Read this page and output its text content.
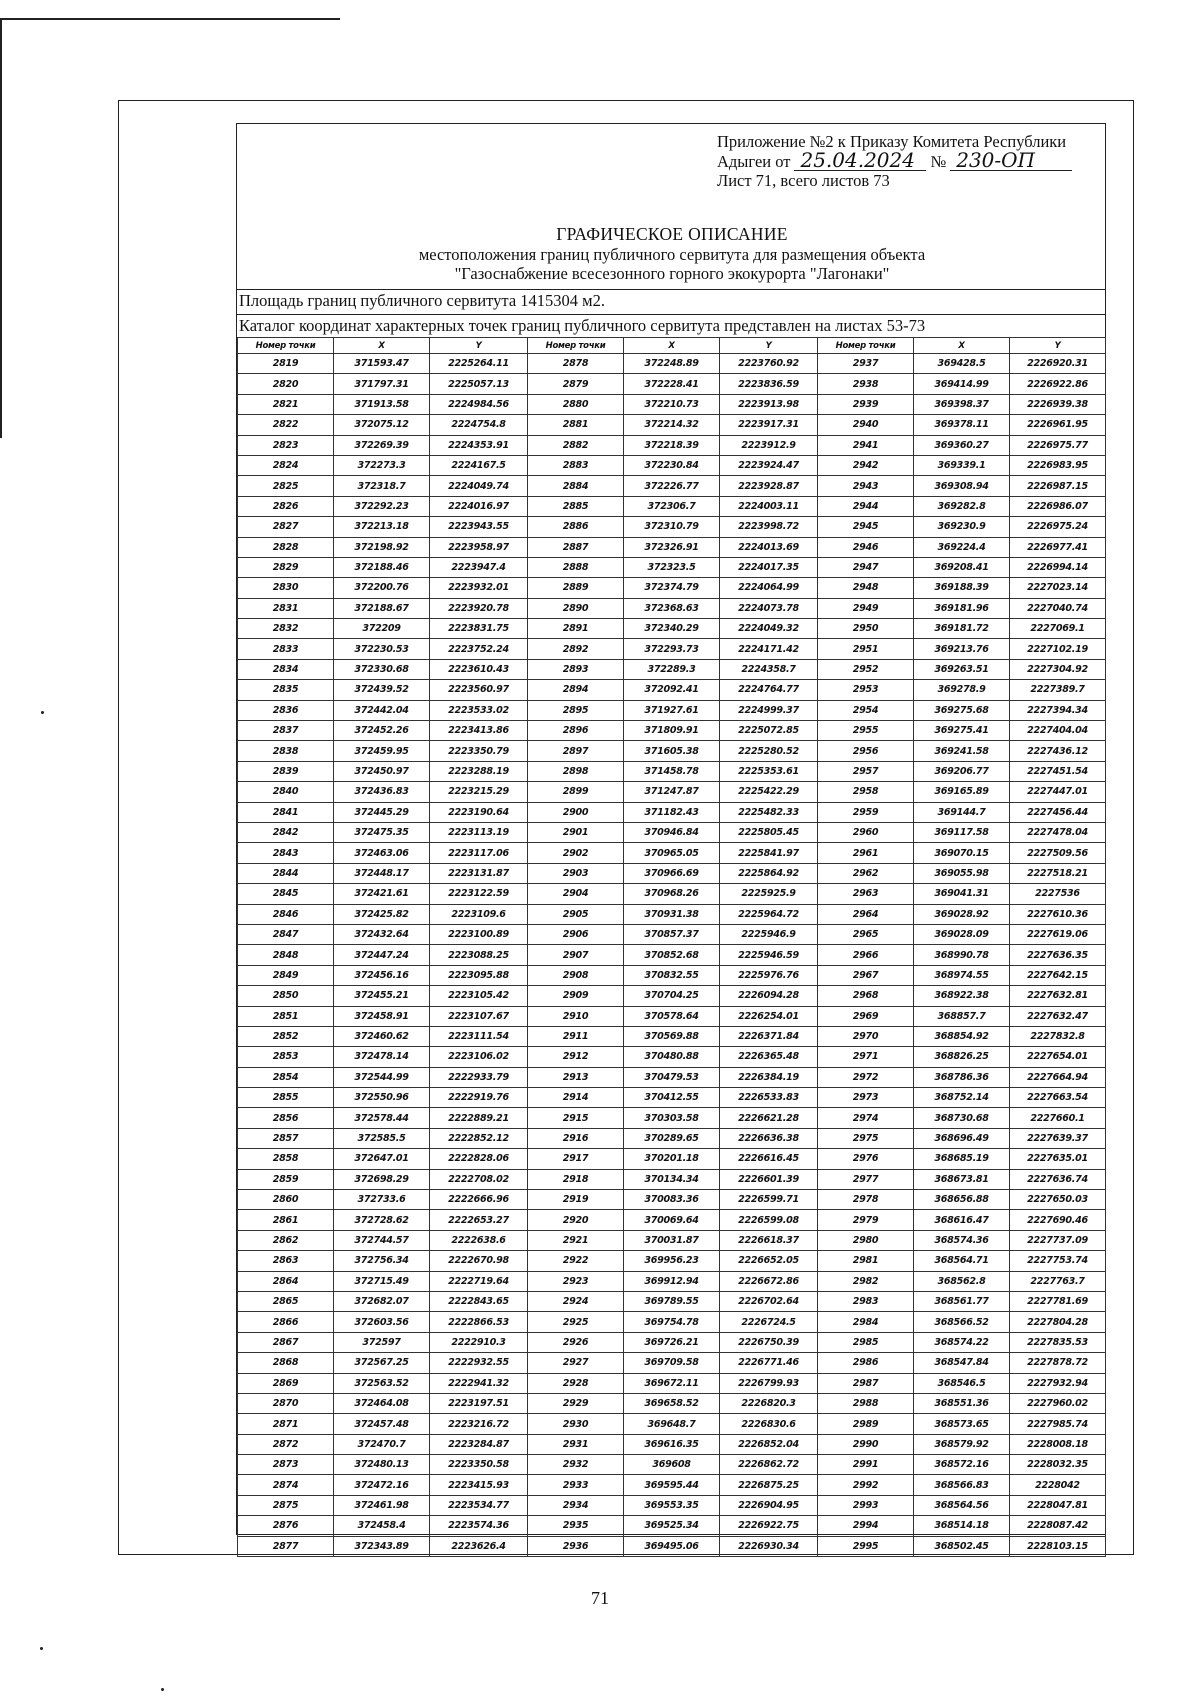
Приложение №2 к Приказу Комитета Республики
Адыгеи от 25.04.2024 № 230-ОП
Лист 71, всего листов 73
ГРАФИЧЕСКОЕ ОПИСАНИЕ
местоположения границ публичного сервитута для размещения объекта
"Газоснабжение всесезонного горного экокурорта "Лагонаки"
Площадь границ публичного сервитута 1415304 м2.
Каталог координат характерных точек границ публичного сервитута представлен на листах 53-73
Номер точки	X	Y	Номер точки	X	Y	Номер точки	X	Y
2819	371593.47	2225264.11	2878	372248.89	2223760.92	2937	369428.5	2226920.31
2820	371797.31	2225057.13	2879	372228.41	2223836.59	2938	369414.99	2226922.86
2821	371913.58	2224984.56	2880	372210.73	2223913.98	2939	369398.37	2226939.38
2822	372075.12	2224754.8	2881	372214.32	2223917.31	2940	369378.11	2226961.95
2823	372269.39	2224353.91	2882	372218.39	2223912.9	2941	369360.27	2226975.77
2824	372273.3	2224167.5	2883	372230.84	2223924.47	2942	369339.1	2226983.95
2825	372318.7	2224049.74	2884	372226.77	2223928.87	2943	369308.94	2226987.15
2826	372292.23	2224016.97	2885	372306.7	2224003.11	2944	369282.8	2226986.07
2827	372213.18	2223943.55	2886	372310.79	2223998.72	2945	369230.9	2226975.24
2828	372198.92	2223958.97	2887	372326.91	2224013.69	2946	369224.4	2226977.41
2829	372188.46	2223947.4	2888	372323.5	2224017.35	2947	369208.41	2226994.14
2830	372200.76	2223932.01	2889	372374.79	2224064.99	2948	369188.39	2227023.14
2831	372188.67	2223920.78	2890	372368.63	2224073.78	2949	369181.96	2227040.74
2832	372209	2223831.75	2891	372340.29	2224049.32	2950	369181.72	2227069.1
2833	372230.53	2223752.24	2892	372293.73	2224171.42	2951	369213.76	2227102.19
2834	372330.68	2223610.43	2893	372289.3	2224358.7	2952	369263.51	2227304.92
2835	372439.52	2223560.97	2894	372092.41	2224764.77	2953	369278.9	2227389.7
2836	372442.04	2223533.02	2895	371927.61	2224999.37	2954	369275.68	2227394.34
2837	372452.26	2223413.86	2896	371809.91	2225072.85	2955	369275.41	2227404.04
2838	372459.95	2223350.79	2897	371605.38	2225280.52	2956	369241.58	2227436.12
2839	372450.97	2223288.19	2898	371458.78	2225353.61	2957	369206.77	2227451.54
2840	372436.83	2223215.29	2899	371247.87	2225422.29	2958	369165.89	2227447.01
2841	372445.29	2223190.64	2900	371182.43	2225482.33	2959	369144.7	2227456.44
2842	372475.35	2223113.19	2901	370946.84	2225805.45	2960	369117.58	2227478.04
2843	372463.06	2223117.06	2902	370965.05	2225841.97	2961	369070.15	2227509.56
2844	372448.17	2223131.87	2903	370966.69	2225864.92	2962	369055.98	2227518.21
2845	372421.61	2223122.59	2904	370968.26	2225925.9	2963	369041.31	2227536
2846	372425.82	2223109.6	2905	370931.38	2225964.72	2964	369028.92	2227610.36
2847	372432.64	2223100.89	2906	370857.37	2225946.9	2965	369028.09	2227619.06
2848	372447.24	2223088.25	2907	370852.68	2225946.59	2966	368990.78	2227636.35
2849	372456.16	2223095.88	2908	370832.55	2225976.76	2967	368974.55	2227642.15
2850	372455.21	2223105.42	2909	370704.25	2226094.28	2968	368922.38	2227632.81
2851	372458.91	2223107.67	2910	370578.64	2226254.01	2969	368857.7	2227632.47
2852	372460.62	2223111.54	2911	370569.88	2226371.84	2970	368854.92	2227832.8
2853	372478.14	2223106.02	2912	370480.88	2226365.48	2971	368826.25	2227654.01
2854	372544.99	2222933.79	2913	370479.53	2226384.19	2972	368786.36	2227664.94
2855	372550.96	2222919.76	2914	370412.55	2226533.83	2973	368752.14	2227663.54
2856	372578.44	2222889.21	2915	370303.58	2226621.28	2974	368730.68	2227660.1
2857	372585.5	2222852.12	2916	370289.65	2226636.38	2975	368696.49	2227639.37
2858	372647.01	2222828.06	2917	370201.18	2226616.45	2976	368685.19	2227635.01
2859	372698.29	2222708.02	2918	370134.34	2226601.39	2977	368673.81	2227636.74
2860	372733.6	2222666.96	2919	370083.36	2226599.71	2978	368656.88	2227650.03
2861	372728.62	2222653.27	2920	370069.64	2226599.08	2979	368616.47	2227690.46
2862	372744.57	2222638.6	2921	370031.87	2226618.37	2980	368574.36	2227737.09
2863	372756.34	2222670.98	2922	369956.23	2226652.05	2981	368564.71	2227753.74
2864	372715.49	2222719.64	2923	369912.94	2226672.86	2982	368562.8	2227763.7
2865	372682.07	2222843.65	2924	369789.55	2226702.64	2983	368561.77	2227781.69
2866	372603.56	2222866.53	2925	369754.78	2226724.5	2984	368566.52	2227804.28
2867	372597	2222910.3	2926	369726.21	2226750.39	2985	368574.22	2227835.53
2868	372567.25	2222932.55	2927	369709.58	2226771.46	2986	368547.84	2227878.72
2869	372563.52	2222941.32	2928	369672.11	2226799.93	2987	368546.5	2227932.94
2870	372464.08	2223197.51	2929	369658.52	2226820.3	2988	368551.36	2227960.02
2871	372457.48	2223216.72	2930	369648.7	2226830.6	2989	368573.65	2227985.74
2872	372470.7	2223284.87	2931	369616.35	2226852.04	2990	368579.92	2228008.18
2873	372480.13	2223350.58	2932	369608	2226862.72	2991	368572.16	2228032.35
2874	372472.16	2223415.93	2933	369595.44	2226875.25	2992	368566.83	2228042
2875	372461.98	2223534.77	2934	369553.35	2226904.95	2993	368564.56	2228047.81
2876	372458.4	2223574.36	2935	369525.34	2226922.75	2994	368514.18	2228087.42
2877	372343.89	2223626.4	2936	369495.06	2226930.34	2995	368502.45	2228103.15
71
